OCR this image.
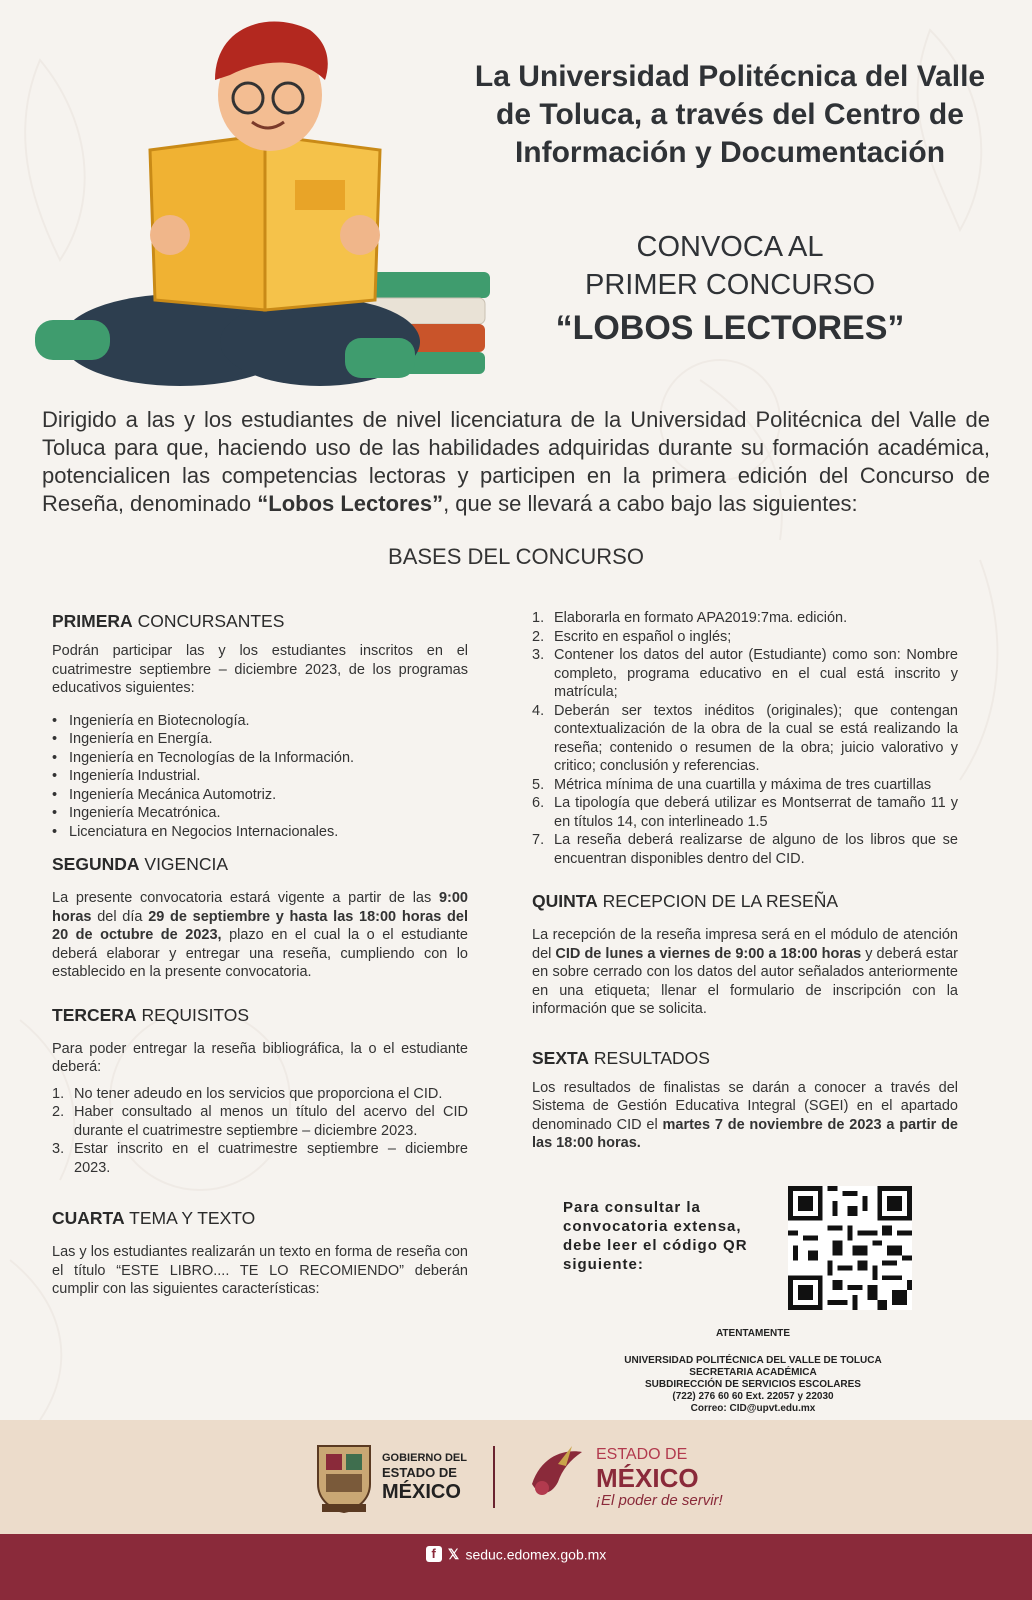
La Universidad Politécnica del Valle de Toluca, a través del Centro de Información y Documentación
CONVOCA AL
PRIMER CONCURSO
“LOBOS LECTORES”
Dirigido a las y los estudiantes de nivel licenciatura de la Universidad Politécnica del Valle de Toluca para que, haciendo uso de las habilidades adquiridas durante su formación académica, potencialicen las competencias lectoras y participen en la primera edición del Concurso de Reseña, denominado “Lobos Lectores”, que se llevará a cabo bajo las siguientes:
BASES DEL CONCURSO
PRIMERA CONCURSANTES
Podrán participar las y los estudiantes inscritos en el cuatrimestre septiembre – diciembre 2023, de los programas educativos siguientes:
• Ingeniería en Biotecnología.
• Ingeniería en Energía.
• Ingeniería en Tecnologías de la Información.
• Ingeniería Industrial.
• Ingeniería Mecánica Automotriz.
• Ingeniería Mecatrónica.
• Licenciatura en Negocios Internacionales.
SEGUNDA VIGENCIA
La presente convocatoria estará vigente a partir de las 9:00 horas del día 29 de septiembre y hasta las 18:00 horas del 20 de octubre de 2023, plazo en el cual la o el estudiante deberá elaborar y entregar una reseña, cumpliendo con lo establecido en la presente convocatoria.
TERCERA REQUISITOS
Para poder entregar la reseña bibliográfica, la o el estudiante deberá:
1. No tener adeudo en los servicios que proporciona el CID.
2. Haber consultado al menos un título del acervo del CID durante el cuatrimestre septiembre – diciembre 2023.
3. Estar inscrito en el cuatrimestre septiembre – diciembre 2023.
CUARTA TEMA Y TEXTO
Las y los estudiantes realizarán un texto en forma de reseña con el título “ESTE LIBRO.... TE LO RECOMIENDO” deberán cumplir con las siguientes características:
1. Elaborarla en formato APA2019:7ma. edición.
2. Escrito en español o inglés;
3. Contener los datos del autor (Estudiante) como son: Nombre completo, programa educativo en el cual está inscrito y matrícula;
4. Deberán ser textos inéditos (originales); que contengan contextualización de la obra de la cual se está realizando la reseña; contenido o resumen de la obra; juicio valorativo y critico; conclusión y referencias.
5. Métrica mínima de una cuartilla y máxima de tres cuartillas
6. La tipología que deberá utilizar es Montserrat de tamaño 11 y en títulos 14, con interlineado 1.5
7. La reseña deberá realizarse de alguno de los libros que se encuentran disponibles dentro del CID.
QUINTA RECEPCION DE LA RESEÑA
La recepción de la reseña impresa será en el módulo de atención del CID de lunes a viernes de 9:00 a 18:00 horas y deberá estar en sobre cerrado con los datos del autor señalados anteriormente en una etiqueta; llenar el formulario de inscripción con la información que se solicita.
SEXTA RESULTADOS
Los resultados de finalistas se darán a conocer a través del Sistema de Gestión Educativa Integral (SGEI) en el apartado denominado CID el martes 7 de noviembre de 2023 a partir de las 18:00 horas.
Para consultar la convocatoria extensa, debe leer el código QR siguiente:
ATENTAMENTE
UNIVERSIDAD POLITÉCNICA DEL VALLE DE TOLUCA
SECRETARIA ACADÉMICA
SUBDIRECCIÓN DE SERVICIOS ESCOLARES
(722) 276 60 60 Ext. 22057 y 22030
Correo: CID@upvt.edu.mx
GOBIERNO DEL
ESTADO DE
MÉXICO
ESTADO DE
MÉXICO
¡El poder de servir!
f 𝕏 seduc.edomex.gob.mx
